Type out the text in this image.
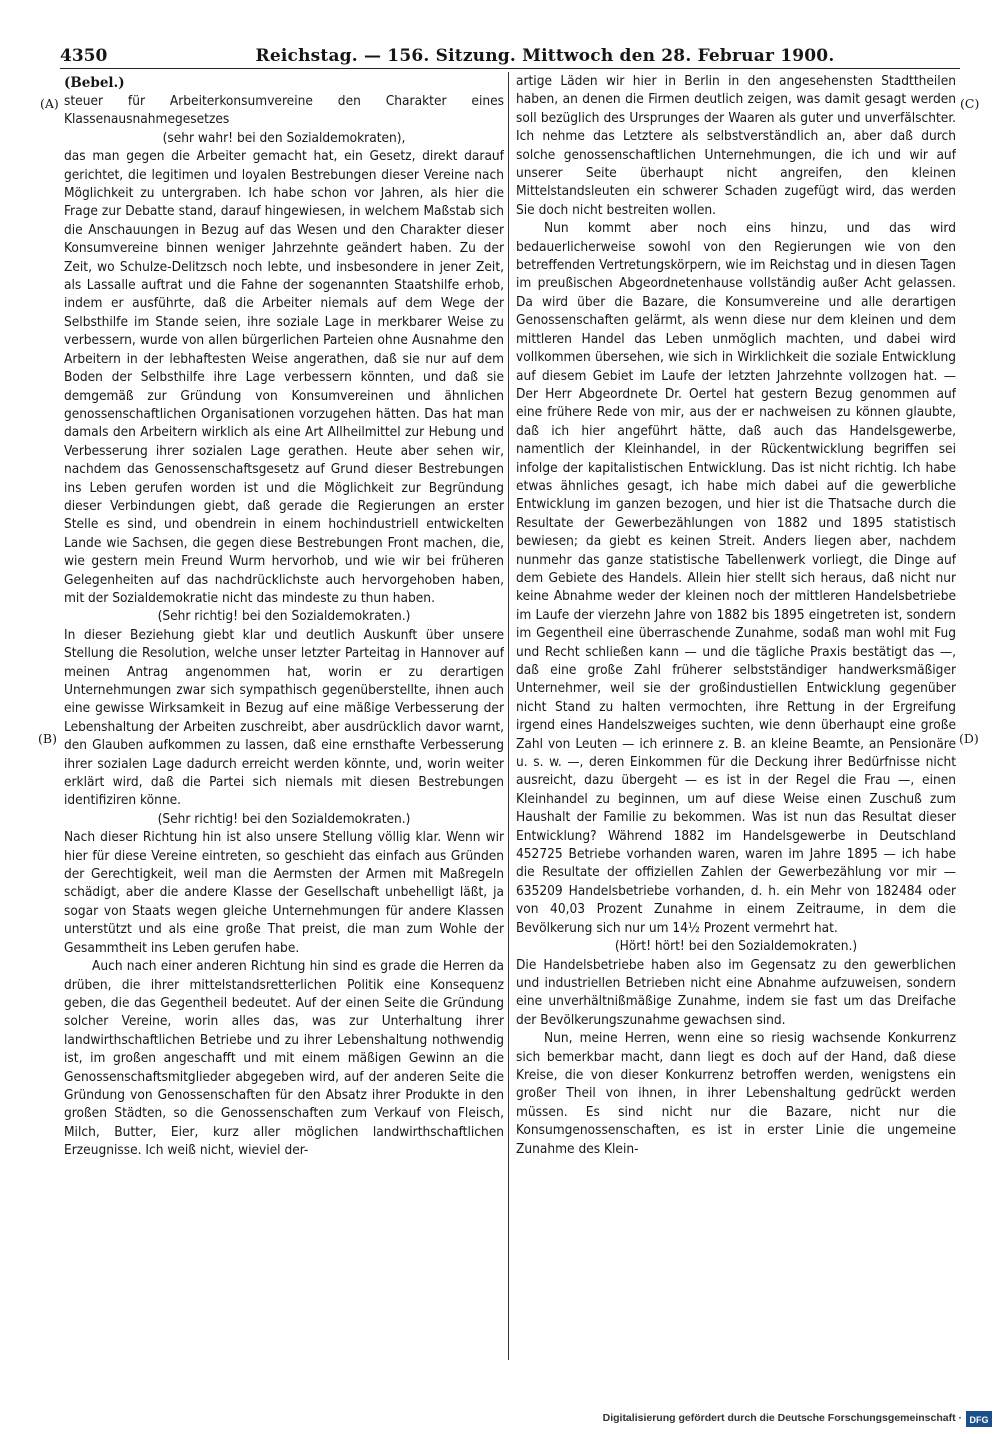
4350	Reichstag. — 156. Sitzung. Mittwoch den 28. Februar 1900.
(A)
(B)
(C)
(D)
(Bebel.)

steuer für Arbeiterkonsumvereine den Charakter eines Klassenausnahmegesetzes

(sehr wahr! bei den Sozialdemokraten),

das man gegen die Arbeiter gemacht hat, ein Gesetz, direkt darauf gerichtet, die legitimen und loyalen Bestrebungen dieser Vereine nach Möglichkeit zu untergraben. Ich habe schon vor Jahren, als hier die Frage zur Debatte stand, darauf hingewiesen, in welchem Maßstab sich die Anschauungen in Bezug auf das Wesen und den Charakter dieser Konsumvereine binnen weniger Jahrzehnte geändert haben. Zu der Zeit, wo Schulze-Delitzsch noch lebte, und insbesondere in jener Zeit, als Lassalle auftrat und die Fahne der sogenannten Staatshilfe erhob, indem er ausführte, daß die Arbeiter niemals auf dem Wege der Selbsthilfe im Stande seien, ihre soziale Lage in merkbarer Weise zu verbessern, wurde von allen bürgerlichen Parteien ohne Ausnahme den Arbeitern in der lebhaftesten Weise angerathen, daß sie nur auf dem Boden der Selbsthilfe ihre Lage verbessern könnten, und daß sie demgemäß zur Gründung von Konsumvereinen und ähnlichen genossenschaftlichen Organisationen vorzugehen hätten. Das hat man damals den Arbeitern wirklich als eine Art Allheilmittel zur Hebung und Verbesserung ihrer sozialen Lage gerathen. Heute aber sehen wir, nachdem das Genossenschaftsgesetz auf Grund dieser Bestrebungen ins Leben gerufen worden ist und die Möglichkeit zur Begründung dieser Verbindungen giebt, daß gerade die Regierungen an erster Stelle es sind, und obendrein in einem hochindustriell entwickelten Lande wie Sachsen, die gegen diese Bestrebungen Front machen, die, wie gestern mein Freund Wurm hervorhob, und wie wir bei früheren Gelegenheiten auf das nachdrücklichste auch hervorgehoben haben, mit der Sozialdemokratie nicht das mindeste zu thun haben.

(Sehr richtig! bei den Sozialdemokraten.)

In dieser Beziehung giebt klar und deutlich Auskunft über unsere Stellung die Resolution, welche unser letzter Parteitag in Hannover auf meinen Antrag angenommen hat, worin er zu derartigen Unternehmungen zwar sich sympathisch gegenüberstellte, ihnen auch eine gewisse Wirksamkeit in Bezug auf eine mäßige Verbesserung der Lebenshaltung der Arbeiten zuschreibt, aber ausdrücklich davor warnt, den Glauben aufkommen zu lassen, daß eine ernsthafte Verbesserung ihrer sozialen Lage dadurch erreicht werden könnte, und, worin weiter erklärt wird, daß die Partei sich niemals mit diesen Bestrebungen identifiziren könne.

(Sehr richtig! bei den Sozialdemokraten.)

Nach dieser Richtung hin ist also unsere Stellung völlig klar. Wenn wir hier für diese Vereine eintreten, so geschieht das einfach aus Gründen der Gerechtigkeit, weil man die Aermsten der Armen mit Maßregeln schädigt, aber die andere Klasse der Gesellschaft unbehelligt läßt, ja sogar von Staats wegen gleiche Unternehmungen für andere Klassen unterstützt und als eine große That preist, die man zum Wohle der Gesammtheit ins Leben gerufen habe.

Auch nach einer anderen Richtung hin sind es grade die Herren da drüben, die ihrer mittelstandsretterlichen Politik eine Konsequenz geben, die das Gegentheil bedeutet. Auf der einen Seite die Gründung solcher Vereine, worin alles das, was zur Unterhaltung ihrer landwirthschaftlichen Betriebe und zu ihrer Lebenshaltung nothwendig ist, im großen angeschafft und mit einem mäßigen Gewinn an die Genossenschaftsmitglieder abgegeben wird, auf der anderen Seite die Gründung von Genossenschaften für den Absatz ihrer Produkte in den großen Städten, so die Genossenschaften zum Verkauf von Fleisch, Milch, Butter, Eier, kurz aller möglichen landwirthschaftlichen Erzeugnisse. Ich weiß nicht, wieviel der-

artige Läden wir hier in Berlin in den angesehensten Stadttheilen haben, an denen die Firmen deutlich zeigen, was damit gesagt werden soll bezüglich des Ursprunges der Waaren als guter und unverfälschter. Ich nehme das Letztere als selbstverständlich an, aber daß durch solche genossenschaftlichen Unternehmungen, die ich und wir auf unserer Seite überhaupt nicht angreifen, den kleinen Mittelstandsleuten ein schwerer Schaden zugefügt wird, das werden Sie doch nicht bestreiten wollen.

Nun kommt aber noch eins hinzu, und das wird bedauerlicherweise sowohl von den Regierungen wie von den betreffenden Vertretungskörpern, wie im Reichstag und in diesen Tagen im preußischen Abgeordnetenhause vollständig außer Acht gelassen. Da wird über die Bazare, die Konsumvereine und alle derartigen Genossenschaften gelärmt, als wenn diese nur dem kleinen und dem mittleren Handel das Leben unmöglich machten, und dabei wird vollkommen übersehen, wie sich in Wirklichkeit die soziale Entwicklung auf diesem Gebiet im Laufe der letzten Jahrzehnte vollzogen hat. — Der Herr Abgeordnete Dr. Oertel hat gestern Bezug genommen auf eine frühere Rede von mir, aus der er nachweisen zu können glaubte, daß ich hier angeführt hätte, daß auch das Handelsgewerbe, namentlich der Kleinhandel, in der Rückentwicklung begriffen sei infolge der kapitalistischen Entwicklung. Das ist nicht richtig. Ich habe etwas ähnliches gesagt, ich habe mich dabei auf die gewerbliche Entwicklung im ganzen bezogen, und hier ist die Thatsache durch die Resultate der Gewerbezählungen von 1882 und 1895 statistisch bewiesen; da giebt es keinen Streit. Anders liegen aber, nachdem nunmehr das ganze statistische Tabellenwerk vorliegt, die Dinge auf dem Gebiete des Handels. Allein hier stellt sich heraus, daß nicht nur keine Abnahme weder der kleinen noch der mittleren Handelsbetriebe im Laufe der vierzehn Jahre von 1882 bis 1895 eingetreten ist, sondern im Gegentheil eine überraschende Zunahme, sodaß man wohl mit Fug und Recht schließen kann — und die tägliche Praxis bestätigt das —, daß eine große Zahl früherer selbstständiger handwerksmäßiger Unternehmer, weil sie der großindustiellen Entwicklung gegenüber nicht Stand zu halten vermochten, ihre Rettung in der Ergreifung irgend eines Handelszweiges suchten, wie denn überhaupt eine große Zahl von Leuten — ich erinnere z. B. an kleine Beamte, an Pensionäre u. s. w. —, deren Einkommen für die Deckung ihrer Bedürfnisse nicht ausreicht, dazu übergeht — es ist in der Regel die Frau —, einen Kleinhandel zu beginnen, um auf diese Weise einen Zuschuß zum Haushalt der Familie zu bekommen. Was ist nun das Resultat dieser Entwicklung? Während 1882 im Handelsgewerbe in Deutschland 452725 Betriebe vorhanden waren, waren im Jahre 1895 — ich habe die Resultate der offiziellen Zahlen der Gewerbezählung vor mir — 635209 Handelsbetriebe vorhanden, d. h. ein Mehr von 182484 oder von 40,03 Prozent Zunahme in einem Zeitraume, in dem die Bevölkerung sich nur um 14½ Prozent vermehrt hat.

(Hört! hört! bei den Sozialdemokraten.)

Die Handelsbetriebe haben also im Gegensatz zu den gewerblichen und industriellen Betrieben nicht eine Abnahme aufzuweisen, sondern eine unverhältnißmäßige Zunahme, indem sie fast um das Dreifache der Bevölkerungszunahme gewachsen sind.

Nun, meine Herren, wenn eine so riesig wachsende Konkurrenz sich bemerkbar macht, dann liegt es doch auf der Hand, daß diese Kreise, die von dieser Konkurrenz betroffen werden, wenigstens ein großer Theil von ihnen, in ihrer Lebenshaltung gedrückt werden müssen. Es sind nicht nur die Bazare, nicht nur die Konsumgenossenschaften, es ist in erster Linie die ungemeine Zunahme des Klein-

Digitalisierung gefördert durch die Deutsche Forschungsgemeinschaft · DFG
